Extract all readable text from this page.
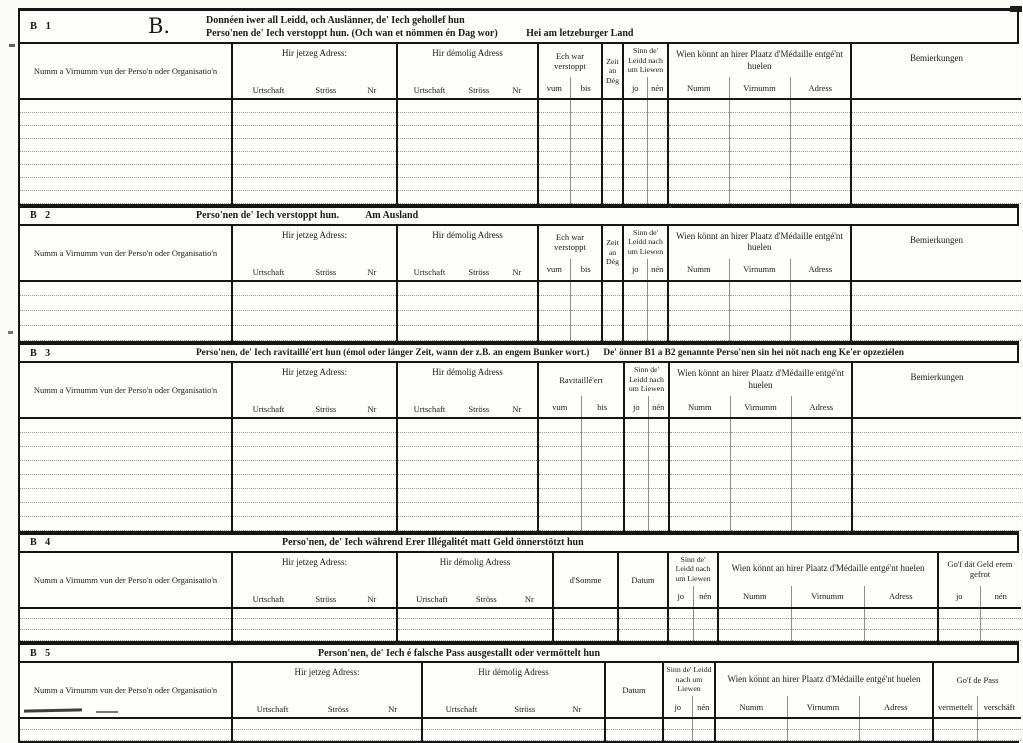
B 1	B.	Donnéen iwer all Leidd, och Auslänner, de' Iech gehollef hun
Perso'nen de' Iech verstoppt hun. (Och wan et nömmen én Dag wor)	Hei am letzeburger Land
Numm a Virnumm vun der Perso'n oder Organisatio'n	
Hir jetzeg Adress:
Urtschaft	Ströss	Nr

Hir démolig Adress
Urtschaft	Ströss	Nr
	Ech war verstoppt	Zeit an Dég	Sinn de' Leidd nach um Liewen	Wien könnt an hirer Plaatz d'Médaille entgé'nt huelen	Bemierkungen
			vum	bis		jo	nén	Numm	Virnumm	Adress	

B 2	Perso'nen de' Iech verstoppt hun.	Am Ausland
Numm a Virnumm vun der Perso'n oder Organisatio'n	
Hir jetzeg Adress:
Urtschaft	Ströss	Nr

Hir démolig Adress
Urtschaft	Ströss	Nr
	Ech war verstoppt	Zeit an Dég	Sinn de' Leidd nach um Liewen	Wien könnt an hirer Plaatz d'Médaille entgé'nt huelen	Bemierkungen
			vum	bis		jo	nén	Numm	Virnumm	Adress	

B 3	Perso'nen, de' Iech ravitaillé'ert hun (émol oder länger Zeit, wann der z.B. an engem Bunker wort.) De' önner B1 a B2 genannte Perso'nen sin hei nöt nach eng Ke'er opzeziélen
Numm a Virnumm vun der Perso'n oder Organisatio'n	
Hir jetzeg Adress:
Urtschaft	Ströss	Nr

Hir démolig Adress
Urtschaft	Ströss	Nr
	Ravitaillé'ert	Sinn de' Leidd nach um Liewen	Wien könnt an hirer Plaatz d'Médaille entgé'nt huelen	Bemierkungen
			vum	bis	jo	nén	Numm	Virnumm	Adress	

B 4	Perso'nen, de' Iech während Erer Illégalitét matt Geld önnerstötzt hun
Numm a Virnumm vun der Perso'n oder Organisatio'n	
Hir jetzeg Adress:
Urtschaft	Ströss	Nr

Hir démolig Adress
Urtschaft	Ströss	Nr
	d'Somme	Datum	Sinn de' Leidd nach um Liewen	Wien könnt an hirer Plaatz d'Médaille entgé'nt huelen	Go'f dät Geld erem gefrot
					jo	nén	Numm	Virnumm	Adress	jo	nén

B 5	Person'nen, de' Iech é falsche Pass ausgestallt oder vermöttelt hun
Numm a Virnumm vun der Perso'n oder Organisatio'n	
Hir jetzeg Adress:
Urtschaft	Ströss	Nr

Hir démolig Adress
Urtschaft	Ströss	Nr
	Datum	Sinn de' Leidd nach um Liewen	Wien könnt an hirer Plaatz d'Médaille entgé'nt huelen	Go'f de Pass
				jo	nén	Numm	Virnumm	Adress	vermettelt	verschäft
